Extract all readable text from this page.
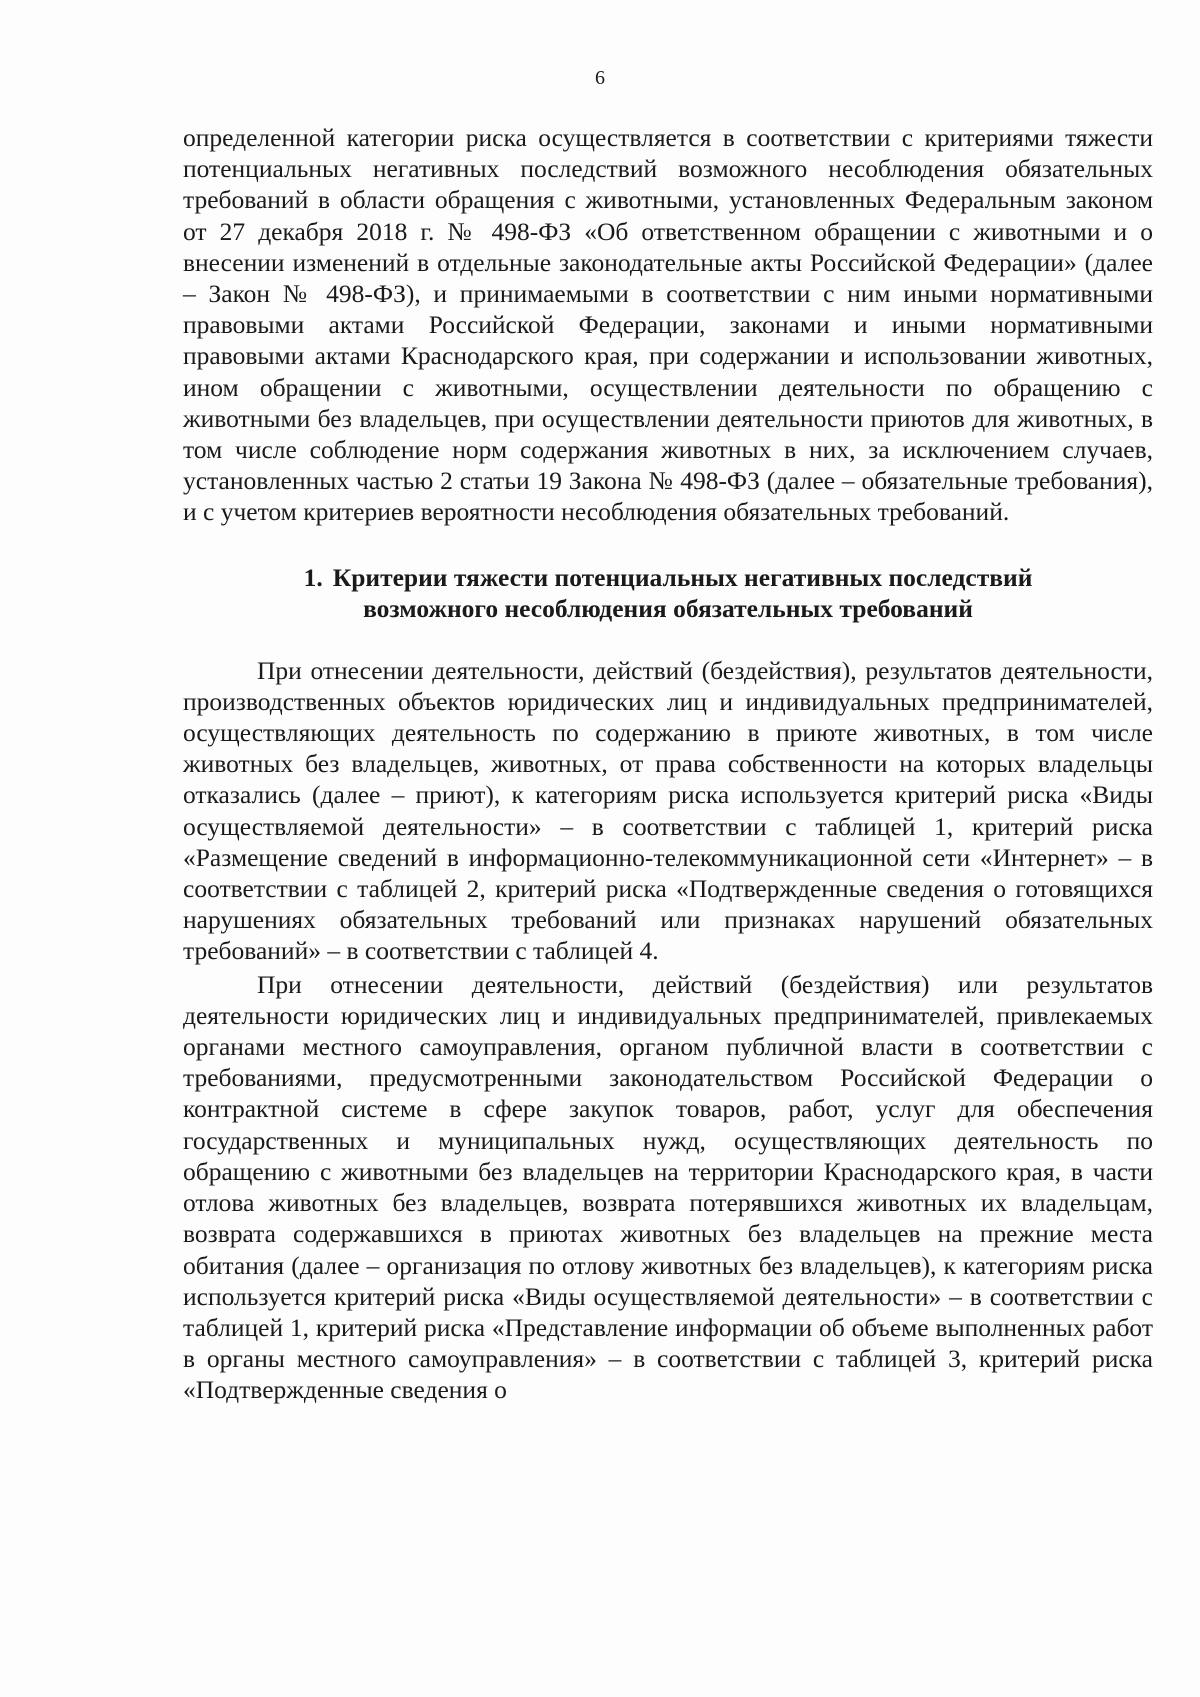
6

определенной категории риска осуществляется в соответствии с критериями тяжести потенциальных негативных последствий возможного несоблюдения обязательных требований в области обращения с животными, установленных Федеральным законом от 27 декабря 2018 г. № 498-ФЗ «Об ответственном обращении с животными и о внесении изменений в отдельные законодательные акты Российской Федерации» (далее – Закон № 498-ФЗ), и принимаемыми в соответствии с ним иными нормативными правовыми актами Российской Федерации, законами и иными нормативными правовыми актами Краснодарского края, при содержании и использовании животных, ином обращении с животными, осуществлении деятельности по обращению с животными без владельцев, при осуществлении деятельности приютов для животных, в том числе соблюдение норм содержания животных в них, за исключением случаев, установленных частью 2 статьи 19 Закона № 498-ФЗ (далее – обязательные требования), и с учетом критериев вероятности несоблюдения обязательных требований.

1. Критерии тяжести потенциальных негативных последствий
возможного несоблюдения обязательных требований

При отнесении деятельности, действий (бездействия), результатов деятельности, производственных объектов юридических лиц и индивидуальных предпринимателей, осуществляющих деятельность по содержанию в приюте животных, в том числе животных без владельцев, животных, от права собственности на которых владельцы отказались (далее – приют), к категориям риска используется критерий риска «Виды осуществляемой деятельности» – в соответствии с таблицей 1, критерий риска «Размещение сведений в информационно-телекоммуникационной сети «Интернет» – в соответствии с таблицей 2, критерий риска «Подтвержденные сведения о готовящихся нарушениях обязательных требований или признаках нарушений обязательных требований» – в соответствии с таблицей 4.

При отнесении деятельности, действий (бездействия) или результатов деятельности юридических лиц и индивидуальных предпринимателей, привлекаемых органами местного самоуправления, органом публичной власти в соответствии с требованиями, предусмотренными законодательством Российской Федерации о контрактной системе в сфере закупок товаров, работ, услуг для обеспечения государственных и муниципальных нужд, осуществляющих деятельность по обращению с животными без владельцев на территории Краснодарского края, в части отлова животных без владельцев, возврата потерявшихся животных их владельцам, возврата содержавшихся в приютах животных без владельцев на прежние места обитания (далее – организация по отлову животных без владельцев), к категориям риска используется критерий риска «Виды осуществляемой деятельности» – в соответствии с таблицей 1, критерий риска «Представление информации об объеме выполненных работ в органы местного самоуправления» – в соответствии с таблицей 3, критерий риска «Подтвержденные сведения о
